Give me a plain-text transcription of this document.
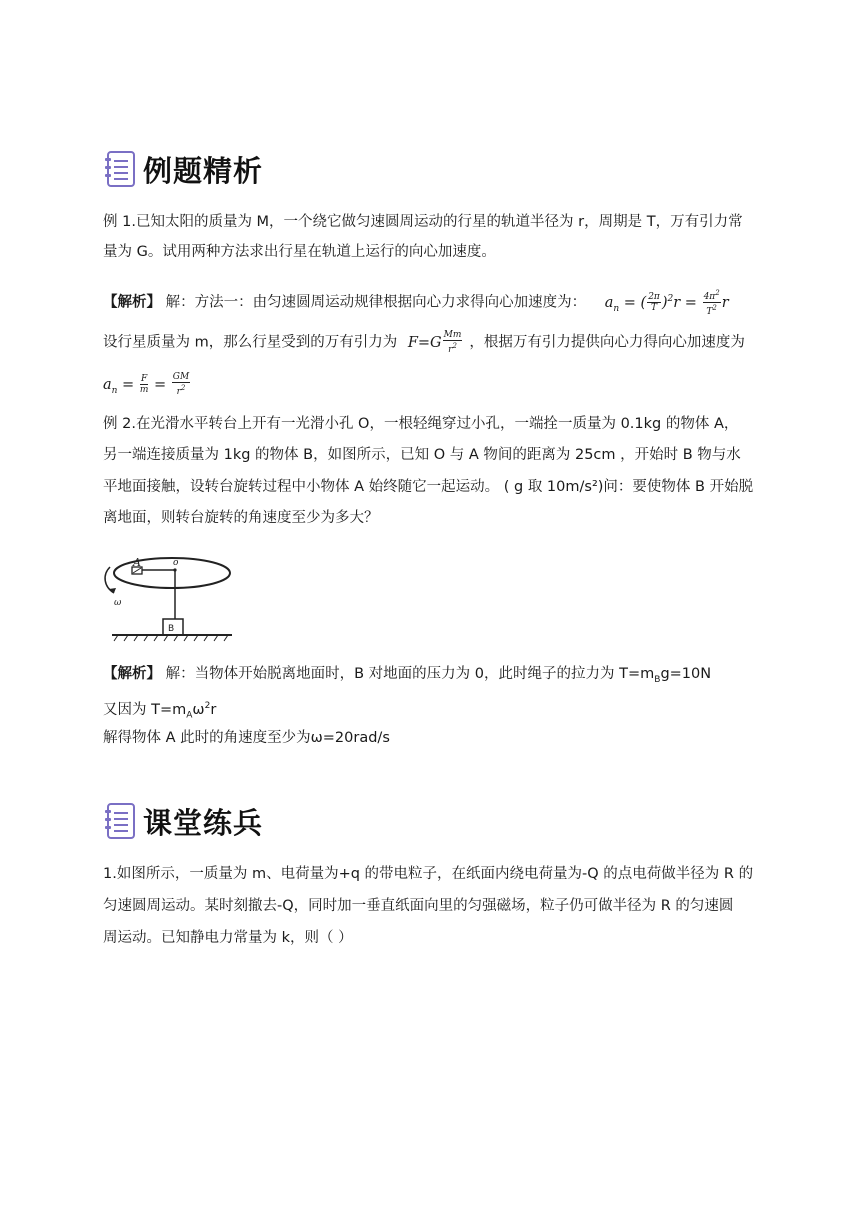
例题精析
例 1.已知太阳的质量为 M，一个绕它做匀速圆周运动的行星的轨道半径为 r，周期是 T，万有引力常
量为 G。试用两种方法求出行星在轨道上运行的向心加速度。
【解析】 解：方法一：由匀速圆周运动规律根据向心力求得向心加速度为： $a_n$ = ( $\frac{2\pi}{T} )^2r = \frac{4\pi^2}{T^2}$ r
设行星质量为 m，那么行星受到的万有引力为 $F=G \frac{Mm}{r^2}$ ，根据万有引力提供向心力得向心加速度为
$a_n = \frac{F}{m} = \frac{GM}{r^2}$
例 2.在光滑水平转台上开有一光滑小孔 O，一根轻绳穿过小孔，一端拴一质量为 0.1kg 的物体 A，
另一端连接质量为 1kg 的物体 B，如图所示，已知 O 与 A 物间的距离为 25cm ，开始时 B 物与水
平地面接触，设转台旋转过程中小物体 A 始终随它一起运动。 ( g 取 10m/s²)问：要使物体 B 开始脱
离地面，则转台旋转的角速度至少为多大？
ω
A	o
B
【解析】 解：当物体开始脱离地面时，B 对地面的压力为 0，此时绳子的拉力为 $T=m_Bg=10N$
又因为 $T=m_A\omega^2r$
解得物体 A 此时的角速度至少为ω=20rad/s
课堂练兵
1.如图所示，一质量为 m、电荷量为+q 的带电粒子，在纸面内绕电荷量为-Q 的点电荷做半径为 R 的
匀速圆周运动。某时刻撤去-Q，同时加一垂直纸面向里的匀强磁场，粒子仍可做半径为 R 的匀速圆
周运动。已知静电力常量为 k，则（ ）
